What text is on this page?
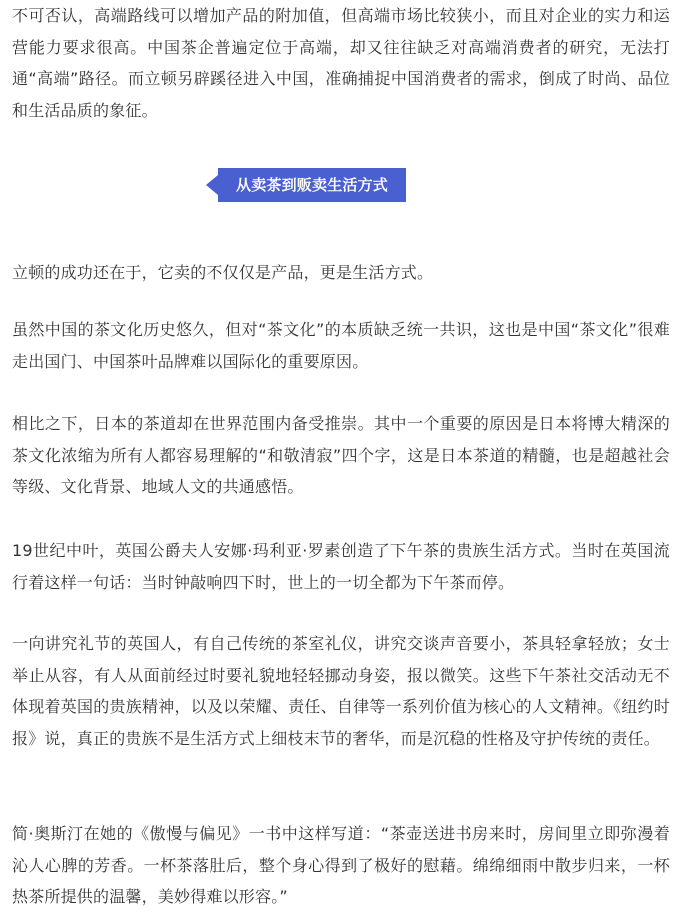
不可否认，高端路线可以增加产品的附加值，但高端市场比较狭小，而且对企业的实力和运营能力要求很高。中国茶企普遍定位于高端，却又往往缺乏对高端消费者的研究，无法打通“高端”路径。而立顿另辟蹊径进入中国，准确捕捉中国消费者的需求，倒成了时尚、品位和生活品质的象征。

从卖茶到贩卖生活方式

立顿的成功还在于，它卖的不仅仅是产品，更是生活方式。

虽然中国的茶文化历史悠久，但对“茶文化”的本质缺乏统一共识，这也是中国“茶文化”很难走出国门、中国茶叶品牌难以国际化的重要原因。

相比之下，日本的茶道却在世界范围内备受推崇。其中一个重要的原因是日本将博大精深的茶文化浓缩为所有人都容易理解的“和敬清寂”四个字，这是日本茶道的精髓，也是超越社会等级、文化背景、地域人文的共通感悟。

19世纪中叶，英国公爵夫人安娜·玛利亚·罗素创造了下午茶的贵族生活方式。当时在英国流行着这样一句话：当时钟敲响四下时，世上的一切全都为下午茶而停。

一向讲究礼节的英国人，有自己传统的茶室礼仪，讲究交谈声音要小，茶具轻拿轻放；女士举止从容，有人从面前经过时要礼貌地轻轻挪动身姿，报以微笑。这些下午茶社交活动无不体现着英国的贵族精神，以及以荣耀、责任、自律等一系列价值为核心的人文精神。《纽约时报》说，真正的贵族不是生活方式上细枝末节的奢华，而是沉稳的性格及守护传统的责任。

简·奥斯汀在她的《傲慢与偏见》一书中这样写道：“茶壶送进书房来时，房间里立即弥漫着沁人心脾的芳香。一杯茶落肚后，整个身心得到了极好的慰藉。绵绵细雨中散步归来，一杯热茶所提供的温馨，美妙得难以形容。”
